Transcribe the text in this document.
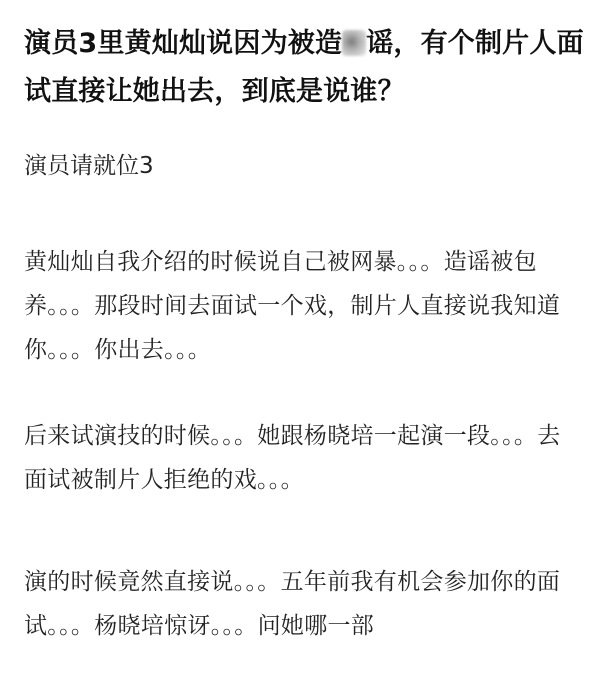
演员3里黄灿灿说因为被造 谣，有个制片人面试直接让她出去，到底是说谁？

演员请就位3

黄灿灿自我介绍的时候说自己被网暴。。。造谣被包养。。。那段时间去面试一个戏，制片人直接说我知道你。。。你出去。。。

后来试演技的时候。。。她跟杨晓培一起演一段。。。去面试被制片人拒绝的戏。。。

演的时候竟然直接说。。。五年前我有机会参加你的面试。。。杨晓培惊讶。。。问她哪一部
